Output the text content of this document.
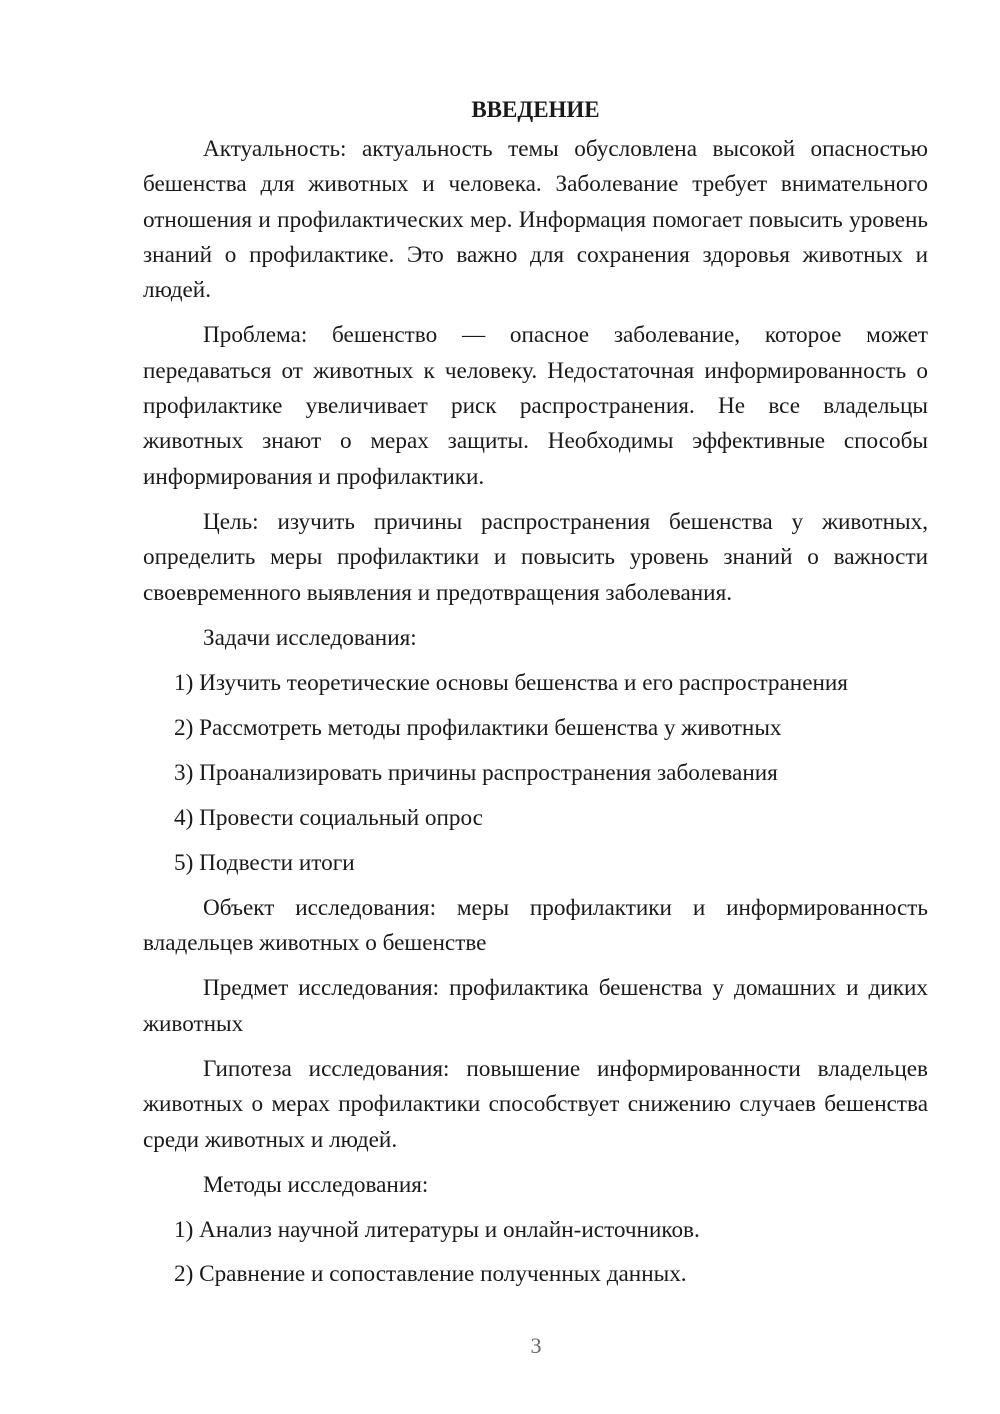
ВВЕДЕНИЕ

Актуальность: актуальность темы обусловлена высокой опасностью бешенства для животных и человека. Заболевание требует внимательного отношения и профилактических мер. Информация помогает повысить уровень знаний о профилактике. Это важно для сохранения здоровья животных и людей.

Проблема: бешенство — опасное заболевание, которое может передаваться от животных к человеку. Недостаточная информированность о профилактике увеличивает риск распространения. Не все владельцы животных знают о мерах защиты. Необходимы эффективные способы информирования и профилактики.

Цель: изучить причины распространения бешенства у животных, определить меры профилактики и повысить уровень знаний о важности своевременного выявления и предотвращения заболевания.

Задачи исследования:

1) Изучить теоретические основы бешенства и его распространения
2) Рассмотреть методы профилактики бешенства у животных
3) Проанализировать причины распространения заболевания
4) Провести социальный опрос
5) Подвести итоги

Объект исследования: меры профилактики и информированность владельцев животных о бешенстве

Предмет исследования: профилактика бешенства у домашних и диких животных

Гипотеза исследования: повышение информированности владельцев животных о мерах профилактики способствует снижению случаев бешенства среди животных и людей.

Методы исследования:

1) Анализ научной литературы и онлайн-источников.
2) Сравнение и сопоставление полученных данных.
3
